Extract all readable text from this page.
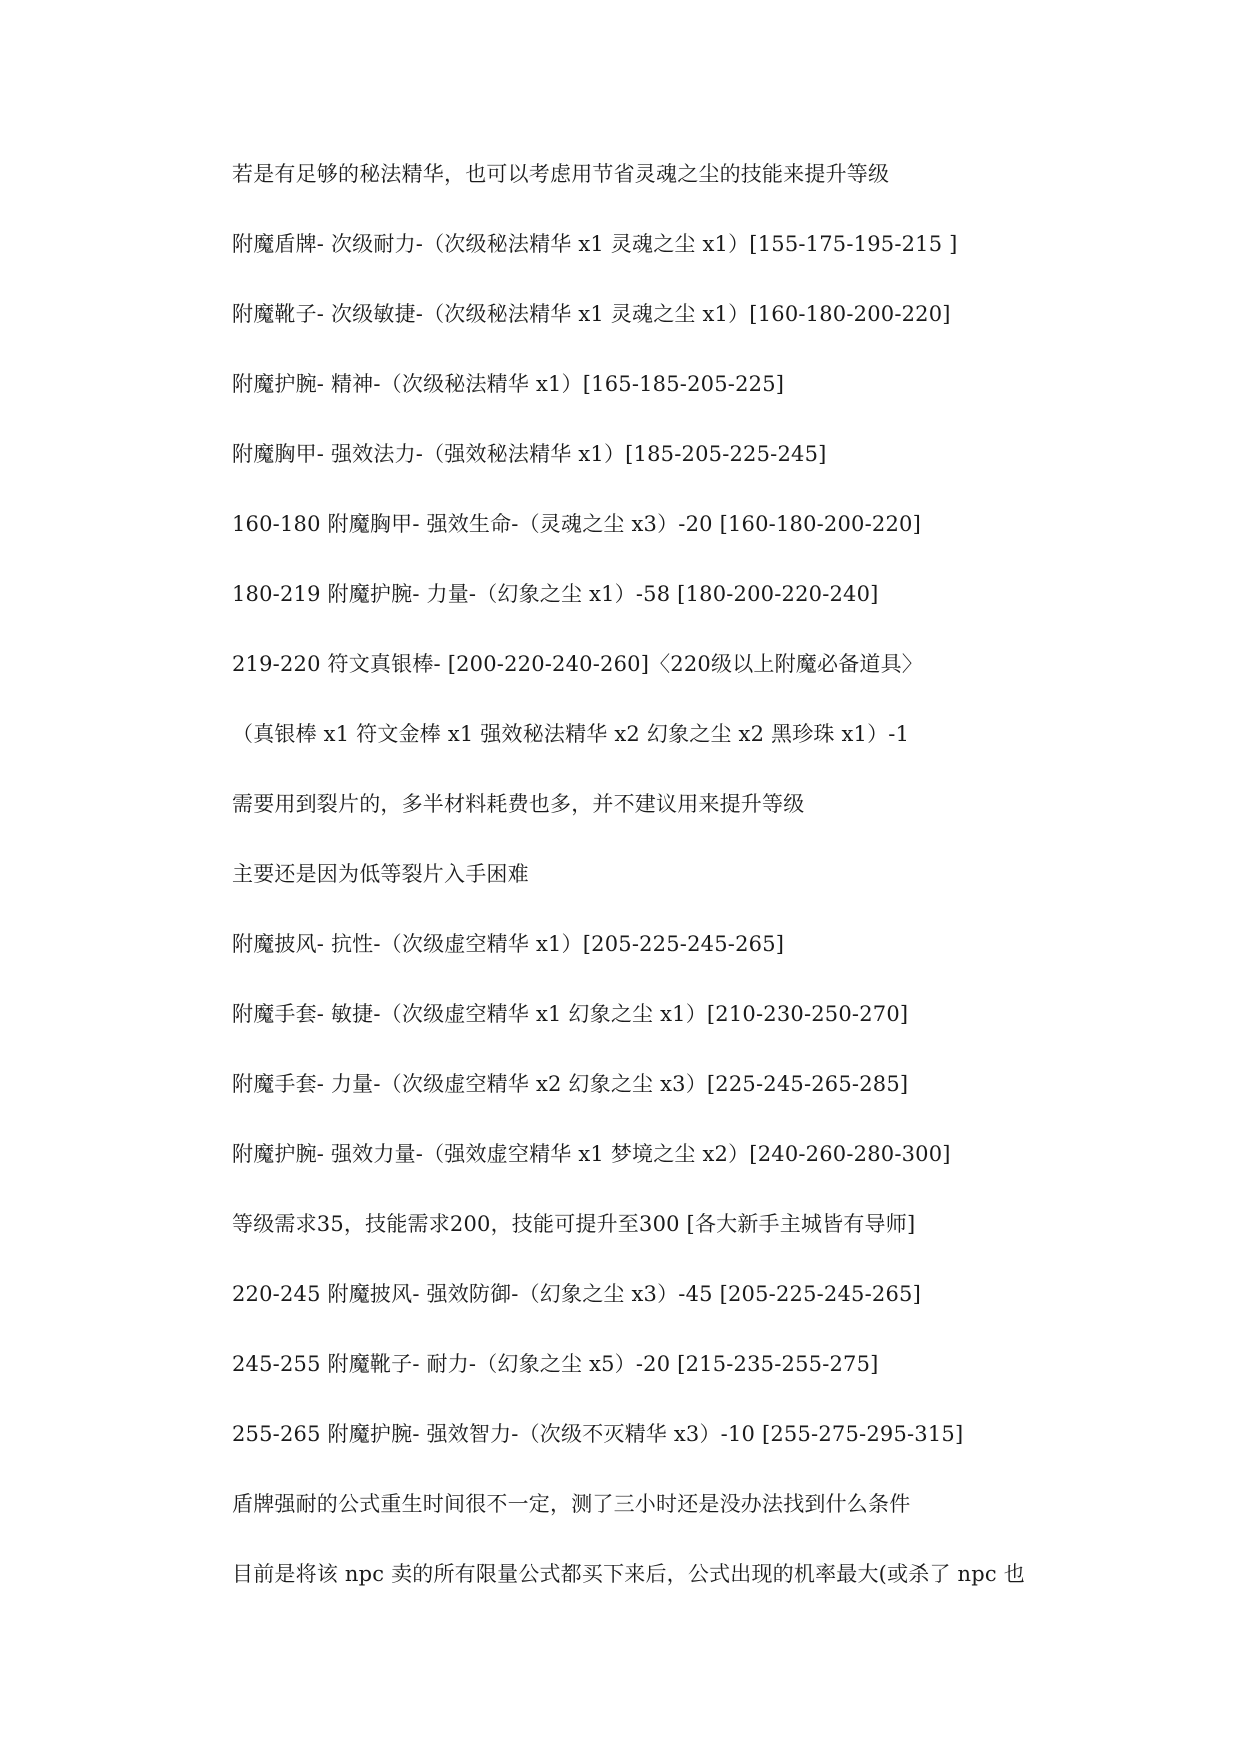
若是有足够的秘法精华，也可以考虑用节省灵魂之尘的技能来提升等级

附魔盾牌- 次级耐力-（次级秘法精华 x1 灵魂之尘 x1）[155-175-195-215 ]

附魔靴子- 次级敏捷-（次级秘法精华 x1 灵魂之尘 x1）[160-180-200-220]

附魔护腕- 精神-（次级秘法精华 x1）[165-185-205-225]

附魔胸甲- 强效法力-（强效秘法精华 x1）[185-205-225-245]

160-180 附魔胸甲- 强效生命-（灵魂之尘 x3）-20 [160-180-200-220]

180-219 附魔护腕- 力量-（幻象之尘 x1）-58 [180-200-220-240]

219-220 符文真银棒- [200-220-240-260]〈220级以上附魔必备道具〉

（真银棒 x1 符文金棒 x1 强效秘法精华 x2 幻象之尘 x2 黑珍珠 x1）-1

需要用到裂片的，多半材料耗费也多，并不建议用来提升等级

主要还是因为低等裂片入手困难

附魔披风- 抗性-（次级虚空精华 x1）[205-225-245-265]

附魔手套- 敏捷-（次级虚空精华 x1 幻象之尘 x1）[210-230-250-270]

附魔手套- 力量-（次级虚空精华 x2 幻象之尘 x3）[225-245-265-285]

附魔护腕- 强效力量-（强效虚空精华 x1 梦境之尘 x2）[240-260-280-300]

等级需求35，技能需求200，技能可提升至300 [各大新手主城皆有导师]

220-245 附魔披风- 强效防御-（幻象之尘 x3）-45 [205-225-245-265]

245-255 附魔靴子- 耐力-（幻象之尘 x5）-20 [215-235-255-275]

255-265 附魔护腕- 强效智力-（次级不灭精华 x3）-10 [255-275-295-315]

盾牌强耐的公式重生时间很不一定，测了三小时还是没办法找到什么条件

目前是将该 npc 卖的所有限量公式都买下来后，公式出现的机率最大(或杀了 npc 也
